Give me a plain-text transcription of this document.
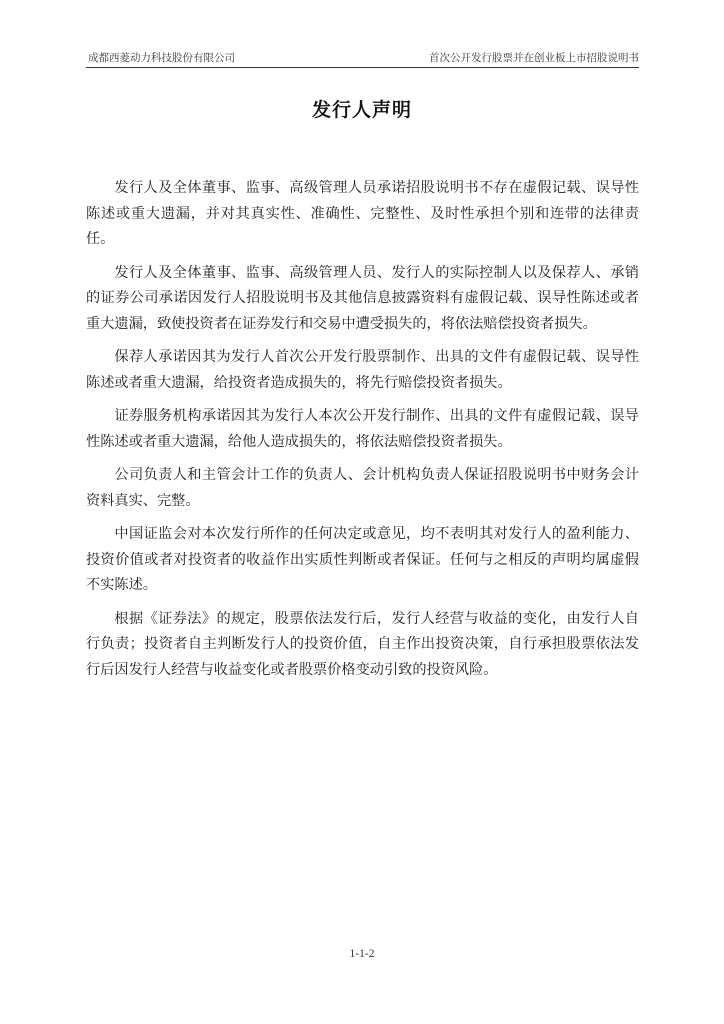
成都西菱动力科技股份有限公司	首次公开发行股票并在创业板上市招股说明书
发行人声明

发行人及全体董事、监事、高级管理人员承诺招股说明书不存在虚假记载、误导性陈述或重大遗漏，并对其真实性、准确性、完整性、及时性承担个别和连带的法律责任。

发行人及全体董事、监事、高级管理人员、发行人的实际控制人以及保荐人、承销的证券公司承诺因发行人招股说明书及其他信息披露资料有虚假记载、误导性陈述或者重大遗漏，致使投资者在证券发行和交易中遭受损失的，将依法赔偿投资者损失。

保荐人承诺因其为发行人首次公开发行股票制作、出具的文件有虚假记载、误导性陈述或者重大遗漏，给投资者造成损失的，将先行赔偿投资者损失。

证券服务机构承诺因其为发行人本次公开发行制作、出具的文件有虚假记载、误导性陈述或者重大遗漏，给他人造成损失的，将依法赔偿投资者损失。

公司负责人和主管会计工作的负责人、会计机构负责人保证招股说明书中财务会计资料真实、完整。

中国证监会对本次发行所作的任何决定或意见，均不表明其对发行人的盈利能力、投资价值或者对投资者的收益作出实质性判断或者保证。任何与之相反的声明均属虚假不实陈述。

根据《证券法》的规定，股票依法发行后，发行人经营与收益的变化，由发行人自行负责；投资者自主判断发行人的投资价值，自主作出投资决策，自行承担股票依法发行后因发行人经营与收益变化或者股票价格变动引致的投资风险。

1-1-2
